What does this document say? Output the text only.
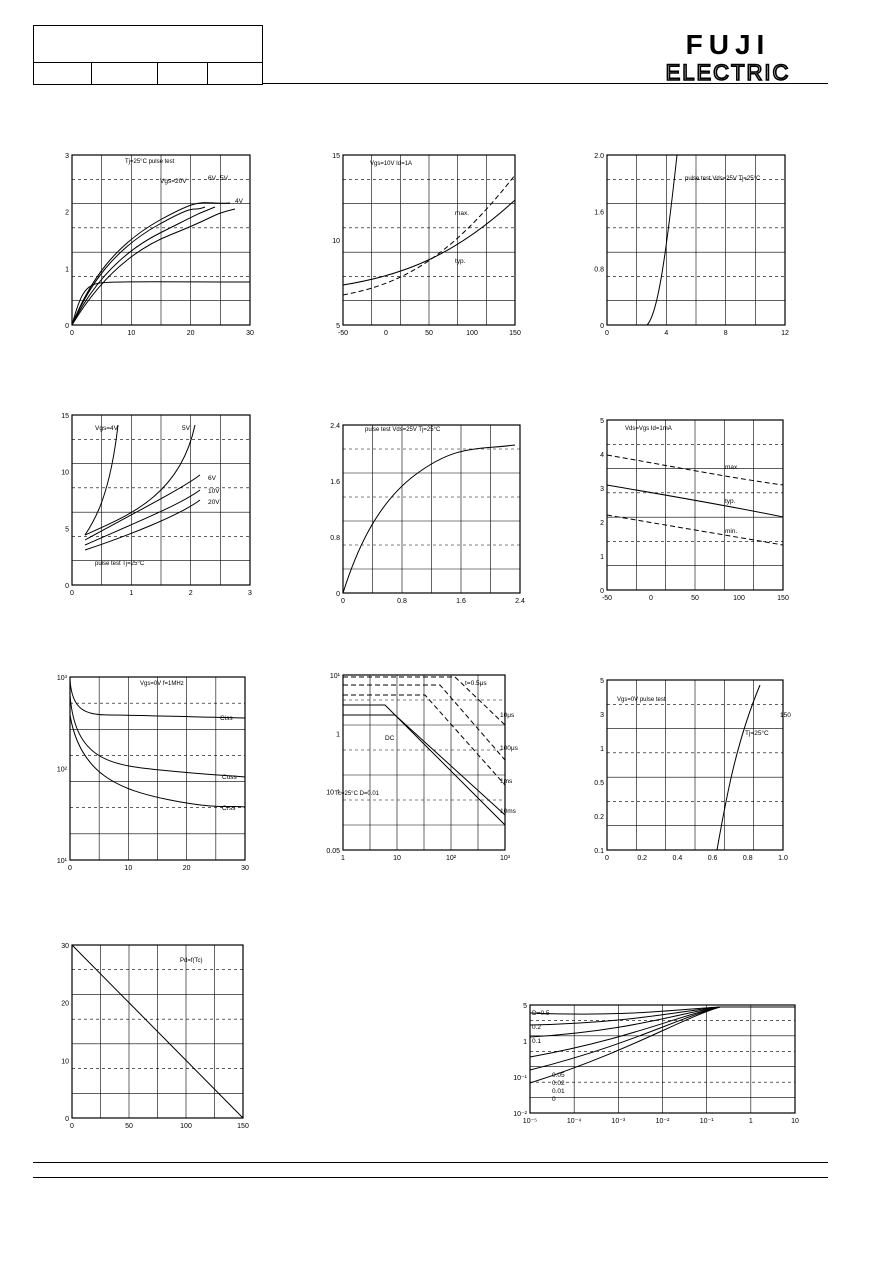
FUJI
ELECTRIC
0	10	20	30
3
2
1
0
Tj=25°C pulse test
Vgs=20V	6V 5V
4V
-50	0	50	100	150
15
10
5
Vgs=10V Id=1A
max.
typ.
0	4	8	12
2.0
1.6
0.8
0
pulse test Vds=25V Tj=25°C
0	1	2	3
15
10
5
0
pulse test Tj=25°C
Vgs=4V	5V
6V
10V
20V
0	0.8	1.6	2.4
2.4
1.6
0.8
0
pulse test Vds=25V Tj=25°C
-50	0	50	100	150
5
4
3
2
1
0
Vds=Vgs Id=1mA
max.
typ.
min.
0	10	20	30
10³
10²
10¹
Vgs=0V f=1MHz
Ciss
Coss
Crss
1	10	10²	10³
10¹
1
10⁻¹
0.05
Tc=25°C D=0.01
t=0.5μs
10μs
100μs
1ms
10ms
DC
0	0.2	0.4	0.6	0.8	1.0
5
3
1
0.5
0.2
0.1
Vgs=0V pulse test
Tj=25°C
150
0	50	100	150
30
20
10
0
Pd=f(Tc)
10⁻⁵	10⁻⁴	10⁻³	10⁻²	10⁻¹	1	10
5
1
10⁻¹
10⁻²
D=0.5
0.2
0.1
0.05
0.02
0.01
0
